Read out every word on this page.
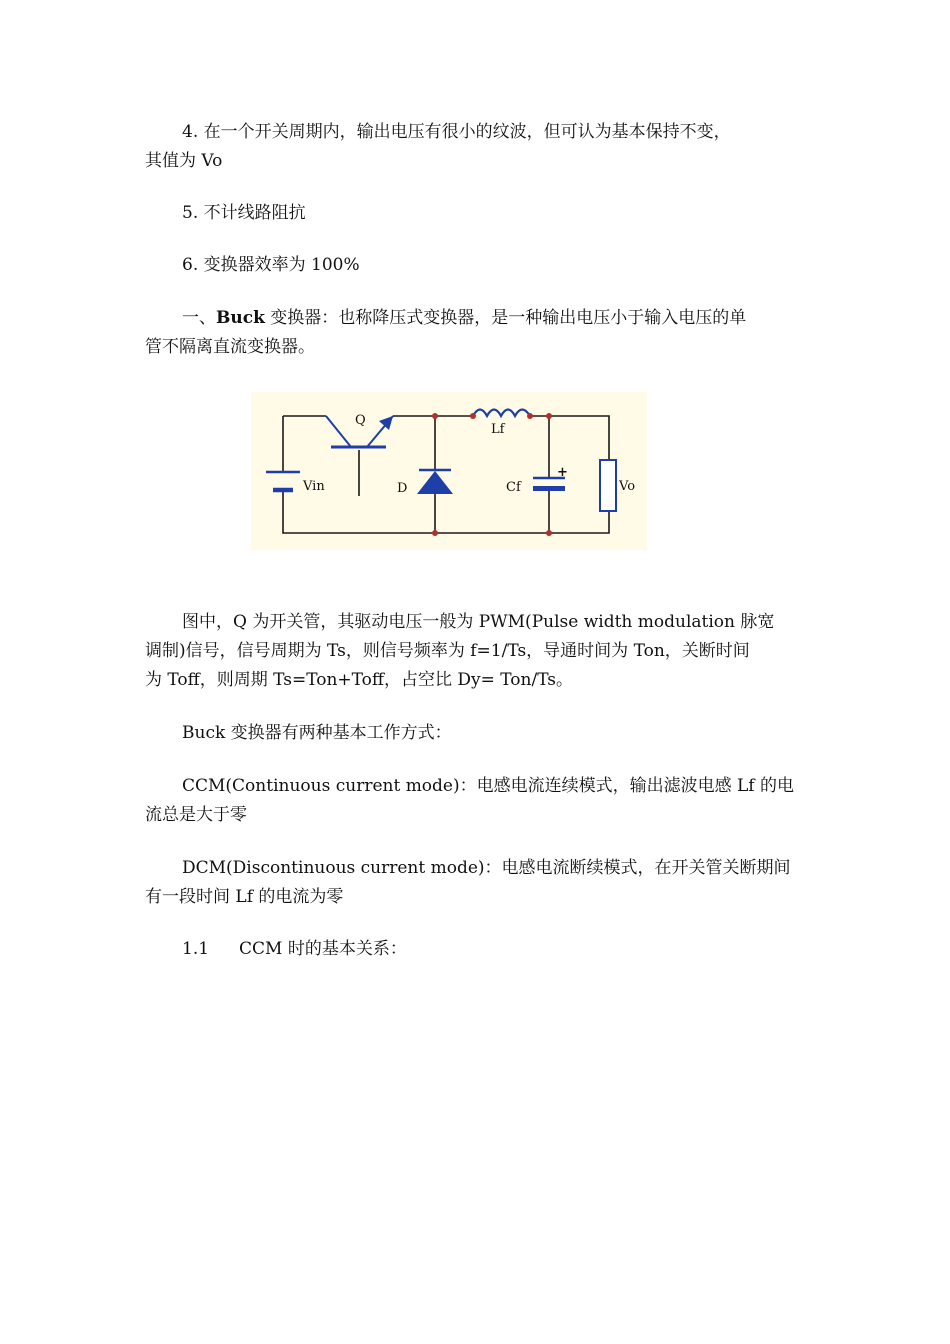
4. 在一个开关周期内，输出电压有很小的纹波，但可认为基本保持不变，
其值为 Vo

5. 不计线路阻抗

6. 变换器效率为 100%

一、Buck 变换器：也称降压式变换器，是一种输出电压小于输入电压的单
管不隔离直流变换器。

Q
Lf
Vin	D	Cf
+
Vo

图中，Q 为开关管，其驱动电压一般为 PWM(Pulse width modulation 脉宽
调制)信号，信号周期为 Ts，则信号频率为 f=1/Ts，导通时间为 Ton，关断时间
为 Toff，则周期 Ts=Ton+Toff，占空比 Dy= Ton/Ts。

Buck 变换器有两种基本工作方式：

CCM(Continuous current mode)：电感电流连续模式，输出滤波电感 Lf 的电
流总是大于零

DCM(Discontinuous current mode)：电感电流断续模式，在开关管关断期间
有一段时间 Lf 的电流为零

1.1 CCM 时的基本关系：
